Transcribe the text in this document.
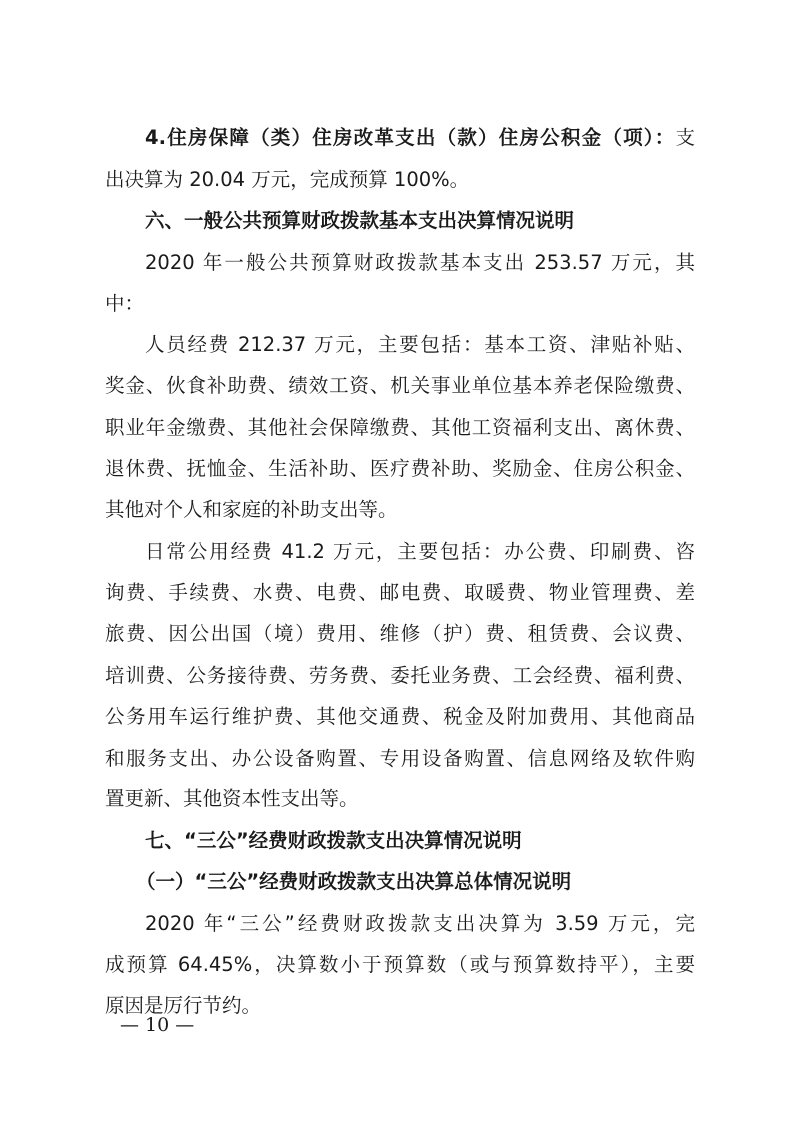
4.住房保障（类）住房改革支出（款）住房公积金（项）：支
出决算为 20.04 万元，完成预算 100%。
六、一般公共预算财政拨款基本支出决算情况说明
2020 年一般公共预算财政拨款基本支出 253.57 万元，其
中：
人员经费 212.37 万元，主要包括：基本工资、津贴补贴、
奖金、伙食补助费、绩效工资、机关事业单位基本养老保险缴费、
职业年金缴费、其他社会保障缴费、其他工资福利支出、离休费、
退休费、抚恤金、生活补助、医疗费补助、奖励金、住房公积金、
其他对个人和家庭的补助支出等。
日常公用经费 41.2 万元，主要包括：办公费、印刷费、咨
询费、手续费、水费、电费、邮电费、取暖费、物业管理费、差
旅费、因公出国（境）费用、维修（护）费、租赁费、会议费、
培训费、公务接待费、劳务费、委托业务费、工会经费、福利费、
公务用车运行维护费、其他交通费、税金及附加费用、其他商品
和服务支出、办公设备购置、专用设备购置、信息网络及软件购
置更新、其他资本性支出等。
七、“三公”经费财政拨款支出决算情况说明
（一）“三公”经费财政拨款支出决算总体情况说明
2020 年“三公”经费财政拨款支出决算为 3.59 万元，完
成预算 64.45%，决算数小于预算数（或与预算数持平），主要
原因是厉行节约。
— 10 —
